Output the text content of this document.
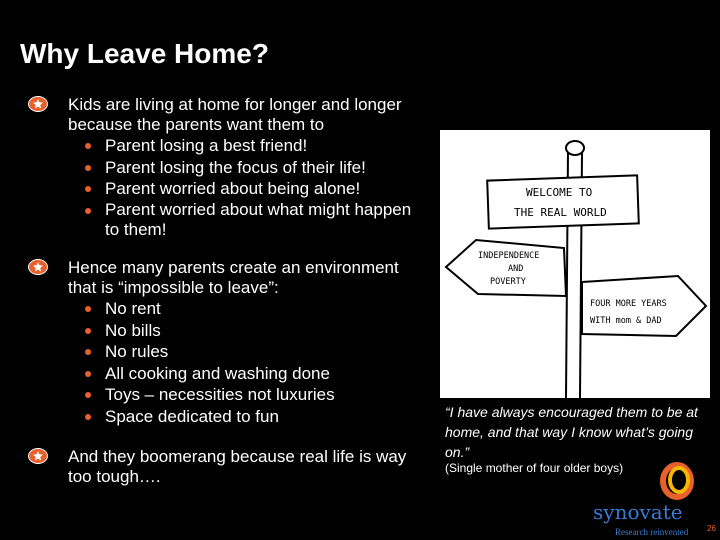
Why Leave Home?
Kids are living at home for longer and longer because the parents want them to
Parent losing a best friend!
Parent losing the focus of their life!
Parent worried about being alone!
Parent worried about what might happen to them!
Hence many parents create an environment that is “impossible to leave”:
No rent
No bills
No rules
All cooking and washing done
Toys – necessities not luxuries
Space dedicated to fun
And they boomerang because real life is way too tough….
WELCOME TO
THE REAL WORLD
INDEPENDENCE
AND
POVERTY
FOUR MORE YEARS
WITH mom & DAD
“I have always encouraged them to be at home, and that way I know what’s going on.”
(Single mother of four older boys)
synovate
Research reinvented 26
